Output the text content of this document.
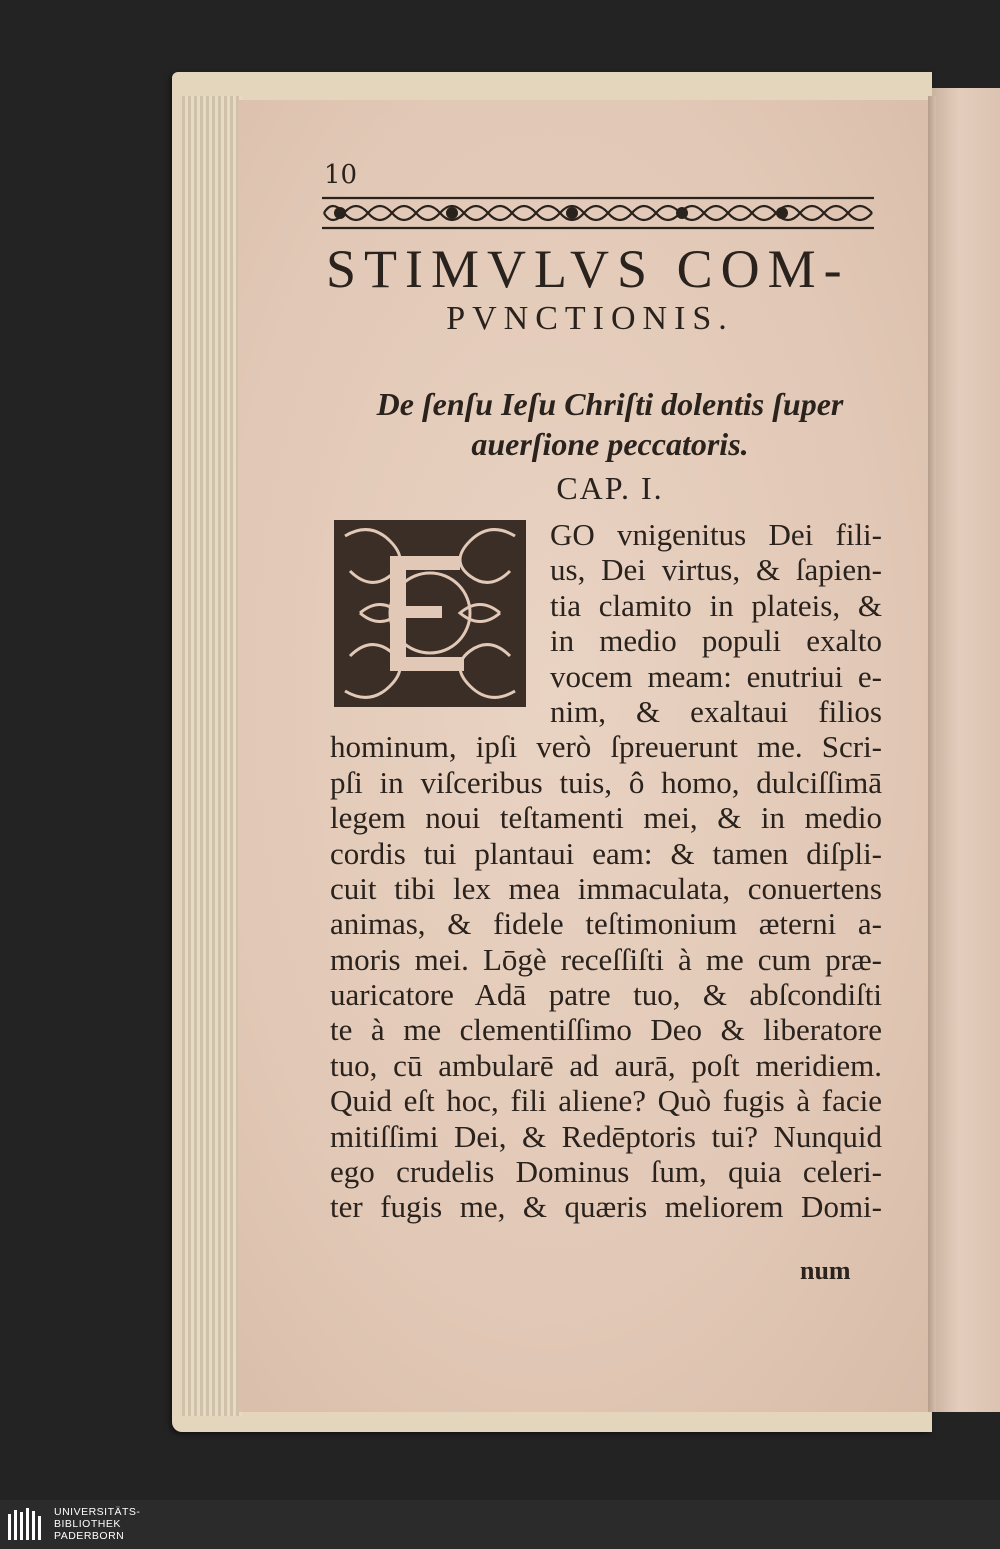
10
STIMVLVS COM-
PVNCTIONIS.
De ſenſu Ieſu Chriſti dolentis ſuper
auerſione peccatoris.
CAP. I.
GO vnigenitus Dei fili-
us, Dei virtus, & ſapien-
tia clamito in plateis, &
in medio populi exalto
vocem meam: enutriui e-
nim, & exaltaui filios
hominum, ipſi verò ſpreuerunt me. Scri-
pſi in viſceribus tuis, ô homo, dulciſſimā
legem noui teſtamenti mei, & in medio
cordis tui plantaui eam: & tamen diſpli-
cuit tibi lex mea immaculata, conuertens
animas, & fidele teſtimonium æterni a-
moris mei. Lōgè receſſiſti à me cum præ-
uaricatore Adā patre tuo, & abſcondiſti
te à me clementiſſimo Deo & liberatore
tuo, cū ambularē ad aurā, poſt meridiem.
Quid eſt hoc, fili aliene? Quò fugis à facie
mitiſſimi Dei, & Redēptoris tui? Nunquid
ego crudelis Dominus ſum, quia celeri-
ter fugis me, & quæris meliorem Domi-
num
UNIVERSITÄTS-
BIBLIOTHEK
PADERBORN
